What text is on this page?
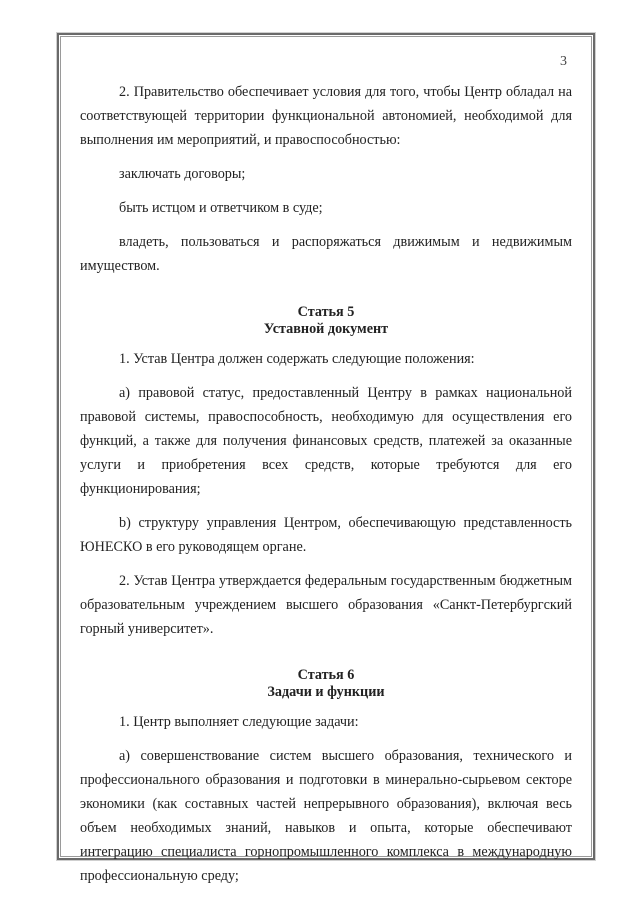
3

2. Правительство обеспечивает условия для того, чтобы Центр обладал на соответствующей территории функциональной автономией, необходимой для выполнения им мероприятий, и правоспособностью:

заключать договоры;

быть истцом и ответчиком в суде;

владеть, пользоваться и распоряжаться движимым и недвижимым имуществом.

Статья 5

Уставной документ

1. Устав Центра должен содержать следующие положения:

a) правовой статус, предоставленный Центру в рамках национальной правовой системы, правоспособность, необходимую для осуществления его функций, а также для получения финансовых средств, платежей за оказанные услуги и приобретения всех средств, которые требуются для его функционирования;

b) структуру управления Центром, обеспечивающую представленность ЮНЕСКО в его руководящем органе.

2. Устав Центра утверждается федеральным государственным бюджетным образовательным учреждением высшего образования «Санкт-Петербургский горный университет».

Статья 6

Задачи и функции

1. Центр выполняет следующие задачи:

a) совершенствование систем высшего образования, технического и профессионального образования и подготовки в минерально-сырьевом секторе экономики (как составных частей непрерывного образования), включая весь объем необходимых знаний, навыков и опыта, которые обеспечивают интеграцию специалиста горнопромышленного комплекса в международную профессиональную среду;
